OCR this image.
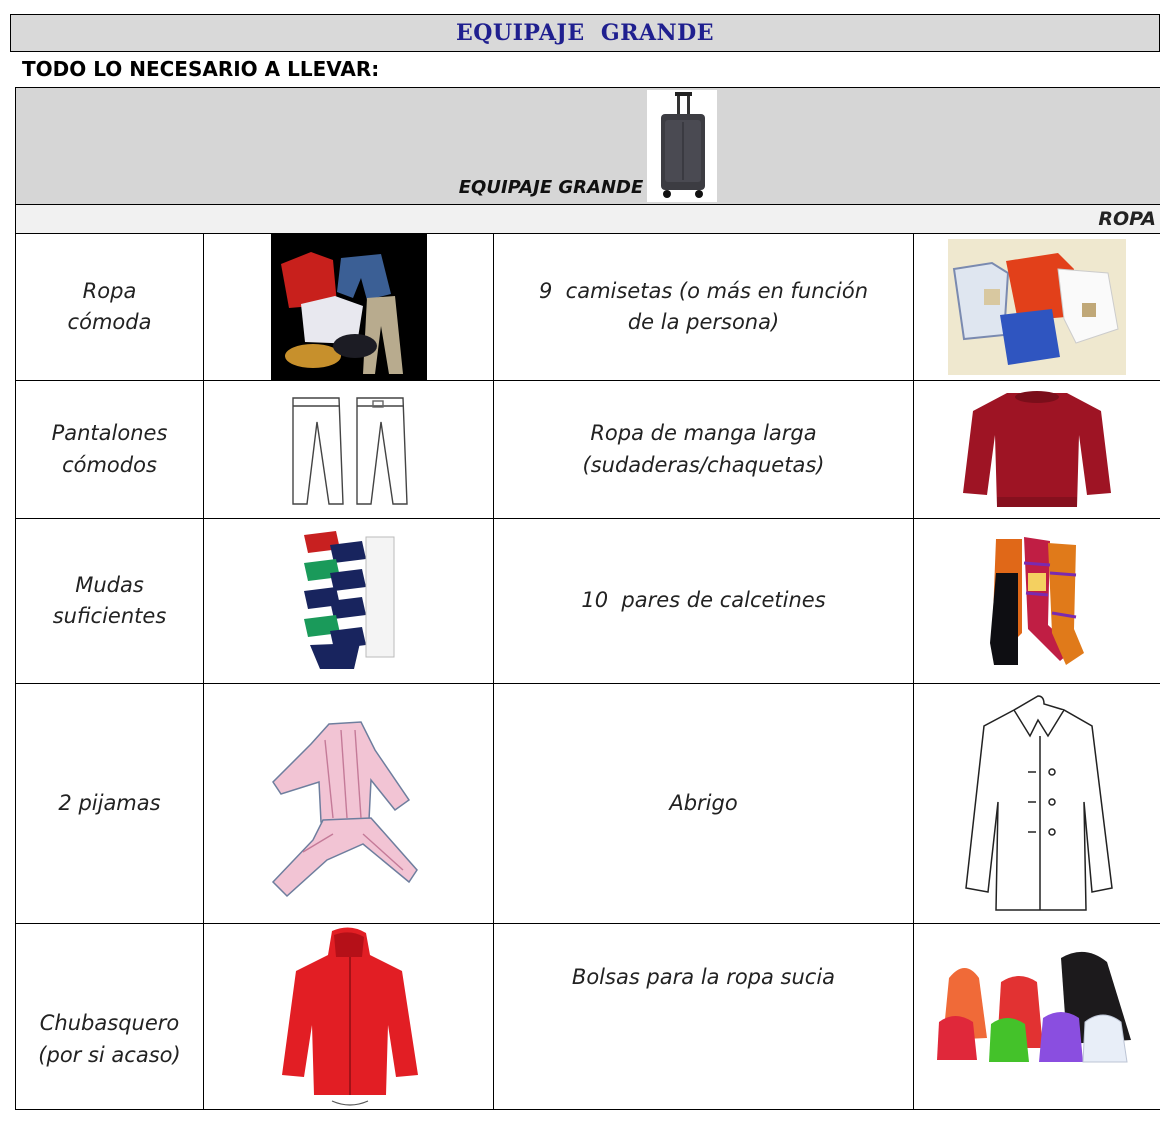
EQUIPAJE  GRANDE
TODO LO NECESARIO A LLEVAR:
EQUIPAJE GRANDE			

ROPA			
Ropa
cómoda		9  camisetas (o más en función
de la persona)	

Pantalones
cómodos		Ropa de manga larga
(sudaderas/chaquetas)	

Mudas
suficientes		10  pares de calcetines	

2 pijamas		Abrigo	

Chubasquero
(por si acaso)		Bolsas para la ropa sucia	
